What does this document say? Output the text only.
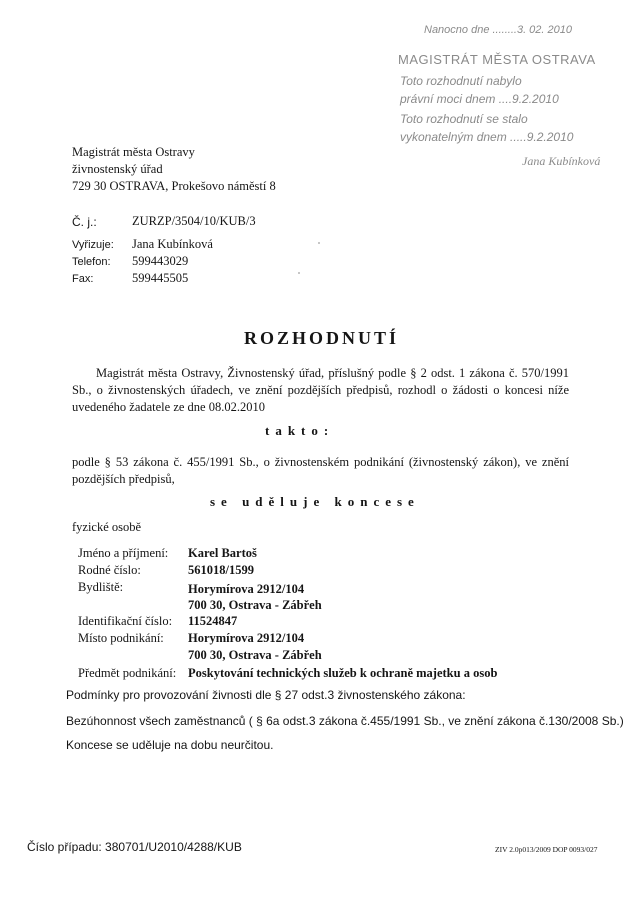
Nanocno dne ........3. 02. 2010
MAGISTRÁT MĚSTA OSTRAVA
Toto rozhodnutí nabylo
právní moci dnem ....9.2.2010
Toto rozhodnutí se stalo
vykonatelným dnem .....9.2.2010
Jana Kubínková
Magistrát města Ostravy
živnostenský úřad
729 30 OSTRAVA, Prokešovo náměstí 8
Č. j.:	ZURZP/3504/10/KUB/3
Vyřizuje: Jana Kubínková
Telefon: 599443029
Fax:	599445505
ROZHODNUTÍ
Magistrát města Ostravy, Živnostenský úřad, příslušný podle § 2 odst. 1 zákona č. 570/1991 Sb., o živnostenských úřadech, ve znění pozdějších předpisů, rozhodl o žádosti o koncesi níže uvedeného žadatele ze dne 08.02.2010
takto:
podle § 53 zákona č. 455/1991 Sb., o živnostenském podnikání (živnostenský zákon), ve znění pozdějších předpisů,
se uděluje koncese
fyzické osobě
Jméno a příjmení: Karel Bartoš
Rodné číslo:	561018/1599
Bydliště:	Horymírova 2912/104
700 30, Ostrava - Zábřeh
Identifikační číslo: 11524847
Místo podnikání: Horymírova 2912/104
700 30, Ostrava - Zábřeh
Předmět podnikání: Poskytování technických služeb k ochraně majetku a osob
Podmínky pro provozování živnosti dle § 27 odst.3 živnostenského zákona:
Bezúhonnost všech zaměstnanců ( § 6a odst.3 zákona č.455/1991 Sb., ve znění zákona č.130/2008 Sb.)
Koncese se uděluje na dobu neurčitou.
Číslo případu: 380701/U2010/4288/KUB	ZIV 2.0p013/2009 DOP 0093/027
